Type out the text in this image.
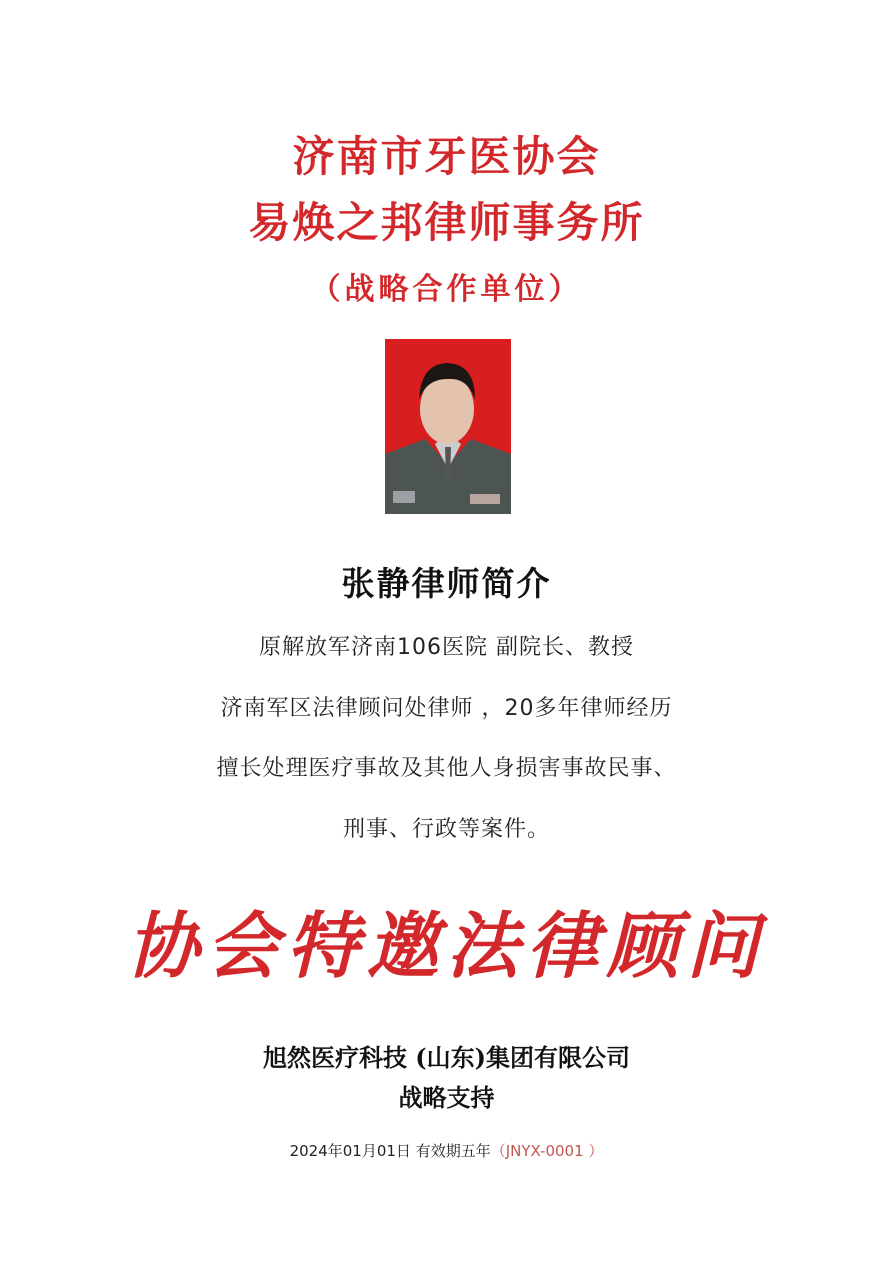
济南市牙医协会
易焕之邦律师事务所
（战略合作单位）
张静律师简介
原解放军济南106医院 副院长、教授
济南军区法律顾问处律师 ，20多年律师经历
擅长处理医疗事故及其他人身损害事故民事、
刑事、行政等案件。
协会特邀法律顾问
旭然医疗科技 (山东)集团有限公司
战略支持
2024年01月01日 有效期五年（JNYX-0001 ）
